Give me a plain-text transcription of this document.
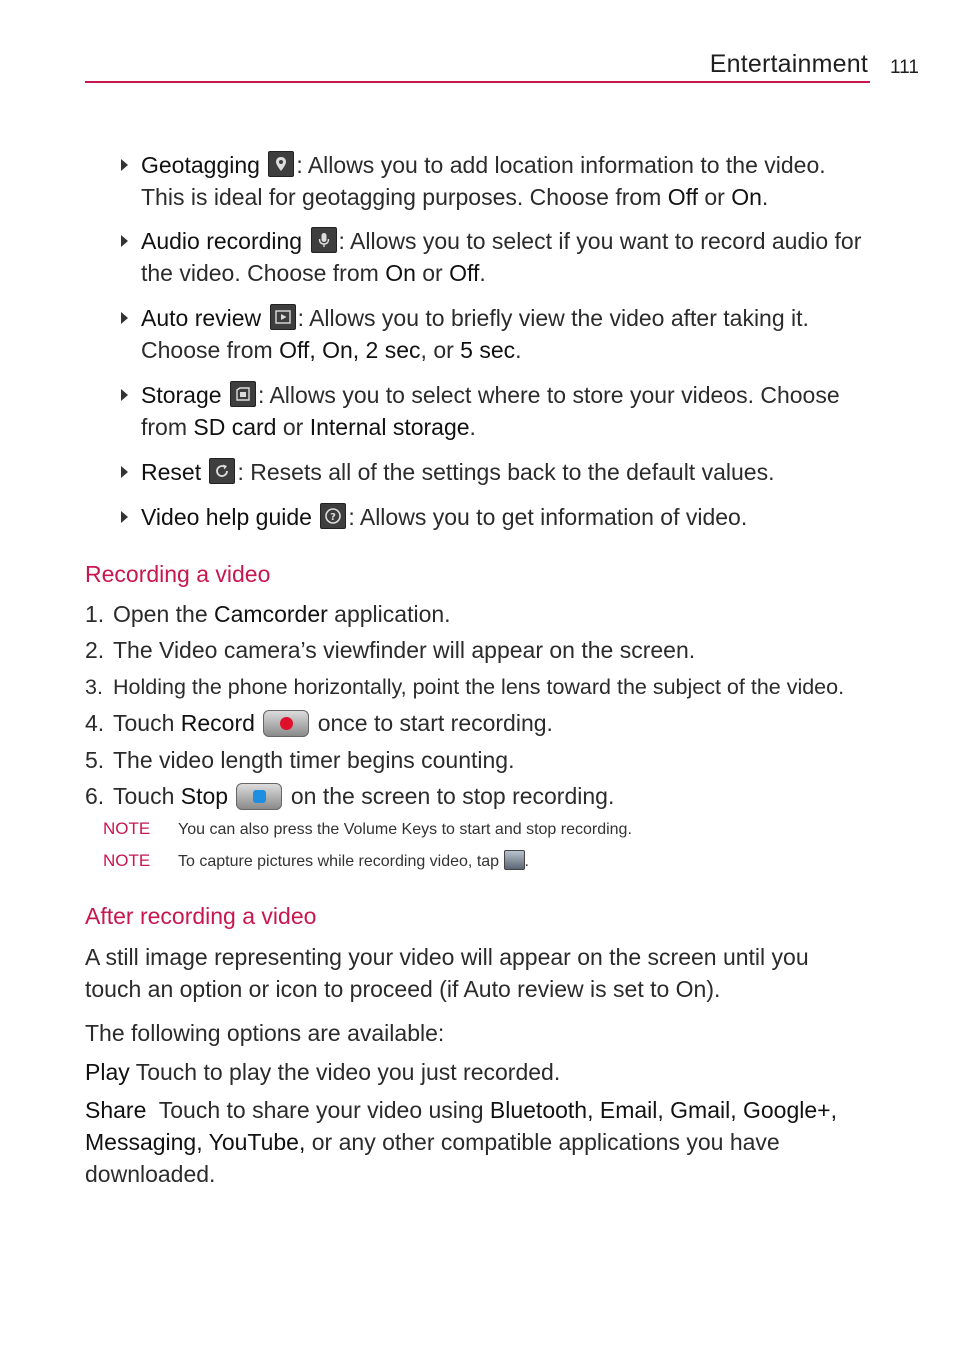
Entertainment 111
Geotagging : Allows you to add location information to the video. This is ideal for geotagging purposes. Choose from Off or On.
Audio recording : Allows you to select if you want to record audio for the video. Choose from On or Off.
Auto review : Allows you to briefly view the video after taking it. Choose from Off, On, 2 sec, or 5 sec.
Storage : Allows you to select where to store your videos. Choose from SD card or Internal storage.
Reset : Resets all of the settings back to the default values.
Video help guide ? : Allows you to get information of video.
Recording a video
1. Open the Camcorder application.
2. The Video camera’s viewfinder will appear on the screen.
3. Holding the phone horizontally, point the lens toward the subject of the video.
4. Touch Record
once to start recording.
5. The video length timer begins counting.
6. Touch Stop
on the screen to stop recording.
NOTE You can also press the Volume Keys to start and stop recording.
NOTE To capture pictures while recording video, tap .
After recording a video
A still image representing your video will appear on the screen until you touch an option or icon to proceed (if Auto review is set to On).
The following options are available:
Play Touch to play the video you just recorded.
Share  Touch to share your video using Bluetooth, Email, Gmail, Google+, Messaging, YouTube, or any other compatible applications you have downloaded.
